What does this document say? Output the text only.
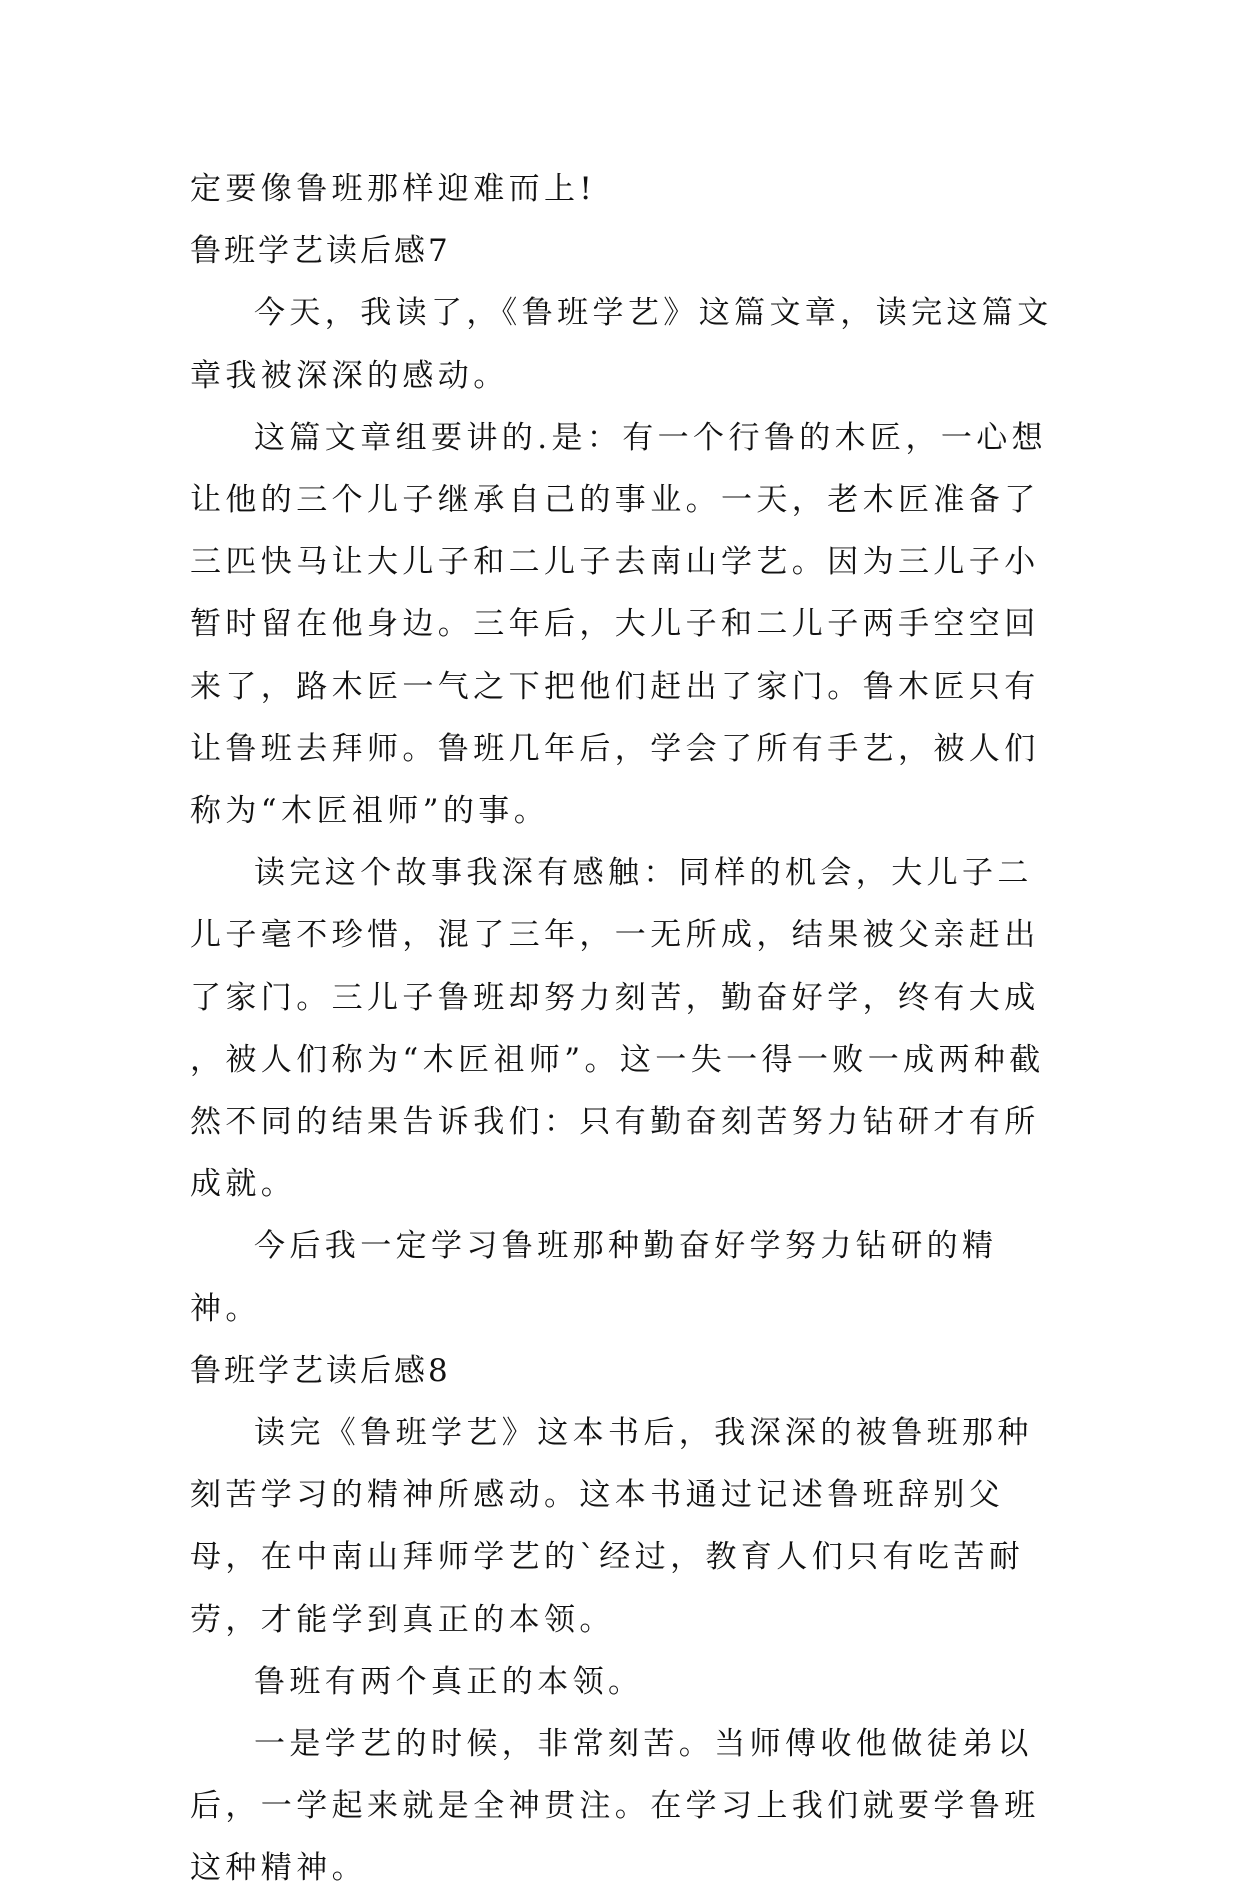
定要像鲁班那样迎难而上!

鲁班学艺读后感7

今天，我读了，《鲁班学艺》这篇文章，读完这篇文章我被深深的感动。

这篇文章组要讲的.是：有一个行鲁的木匠，一心想让他的三个儿子继承自己的事业。一天，老木匠准备了三匹快马让大儿子和二儿子去南山学艺。因为三儿子小暂时留在他身边。三年后，大儿子和二儿子两手空空回来了，路木匠一气之下把他们赶出了家门。鲁木匠只有让鲁班去拜师。鲁班几年后，学会了所有手艺，被人们称为“木匠祖师”的事。

读完这个故事我深有感触：同样的机会，大儿子二儿子毫不珍惜，混了三年，一无所成，结果被父亲赶出了家门。三儿子鲁班却努力刻苦，勤奋好学，终有大成 ，被人们称为“木匠祖师”。这一失一得一败一成两种截然不同的结果告诉我们：只有勤奋刻苦努力钻研才有所成就。

今后我一定学习鲁班那种勤奋好学努力钻研的精神。

鲁班学艺读后感8

读完《鲁班学艺》这本书后，我深深的被鲁班那种刻苦学习的精神所感动。这本书通过记述鲁班辞别父母，在中南山拜师学艺的`经过，教育人们只有吃苦耐劳，才能学到真正的本领。

鲁班有两个真正的本领。

一是学艺的时候，非常刻苦。当师傅收他做徒弟以后，一学起来就是全神贯注。在学习上我们就要学鲁班这种精神。
